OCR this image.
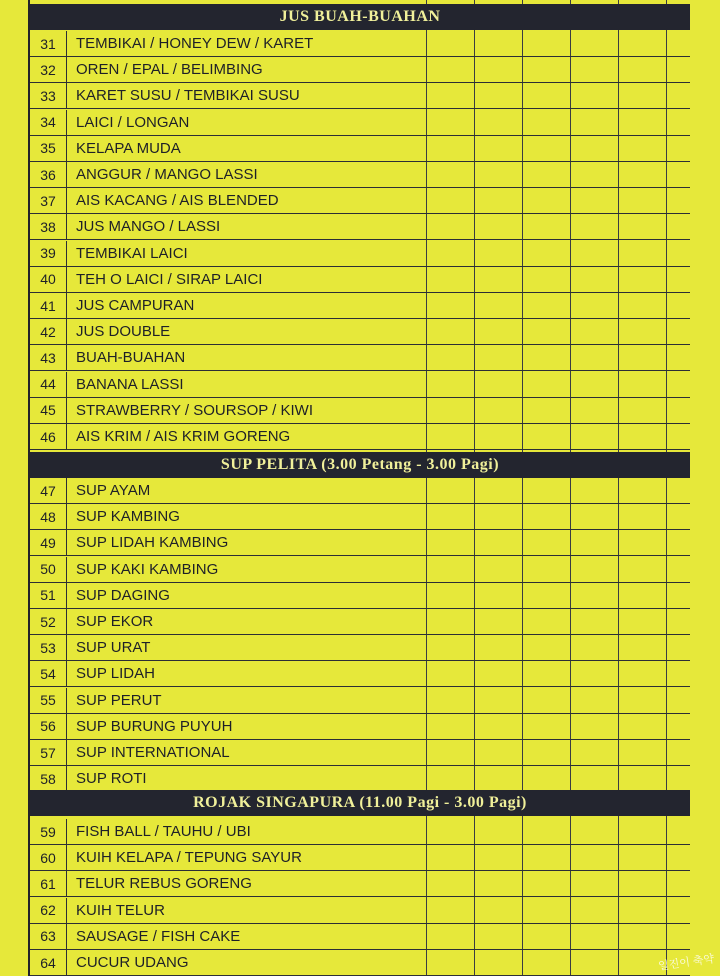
JUS BUAH-BUAHAN
31	TEMBIKAI / HONEY DEW / KARET
32	OREN / EPAL / BELIMBING
33	KARET SUSU / TEMBIKAI SUSU
34	LAICI / LONGAN
35	KELAPA MUDA
36	ANGGUR / MANGO LASSI
37	AIS KACANG / AIS BLENDED
38	JUS MANGO / LASSI
39	TEMBIKAI LAICI
40	TEH O LAICI / SIRAP LAICI
41	JUS CAMPURAN
42	JUS DOUBLE
43	BUAH-BUAHAN
44	BANANA LASSI
45	STRAWBERRY / SOURSOP / KIWI
46	AIS KRIM / AIS KRIM GORENG
SUP PELITA (3.00 Petang - 3.00 Pagi)
47	SUP AYAM
48	SUP KAMBING
49	SUP LIDAH KAMBING
50	SUP KAKI KAMBING
51	SUP DAGING
52	SUP EKOR
53	SUP URAT
54	SUP LIDAH
55	SUP PERUT
56	SUP BURUNG PUYUH
57	SUP INTERNATIONAL
58	SUP ROTI
ROJAK SINGAPURA (11.00 Pagi - 3.00 Pagi)
59	FISH BALL / TAUHU / UBI
60	KUIH KELAPA / TEPUNG SAYUR
61	TELUR REBUS GORENG
62	KUIH TELUR
63	SAUSAGE / FISH CAKE
64	CUCUR UDANG	일진이 축약
